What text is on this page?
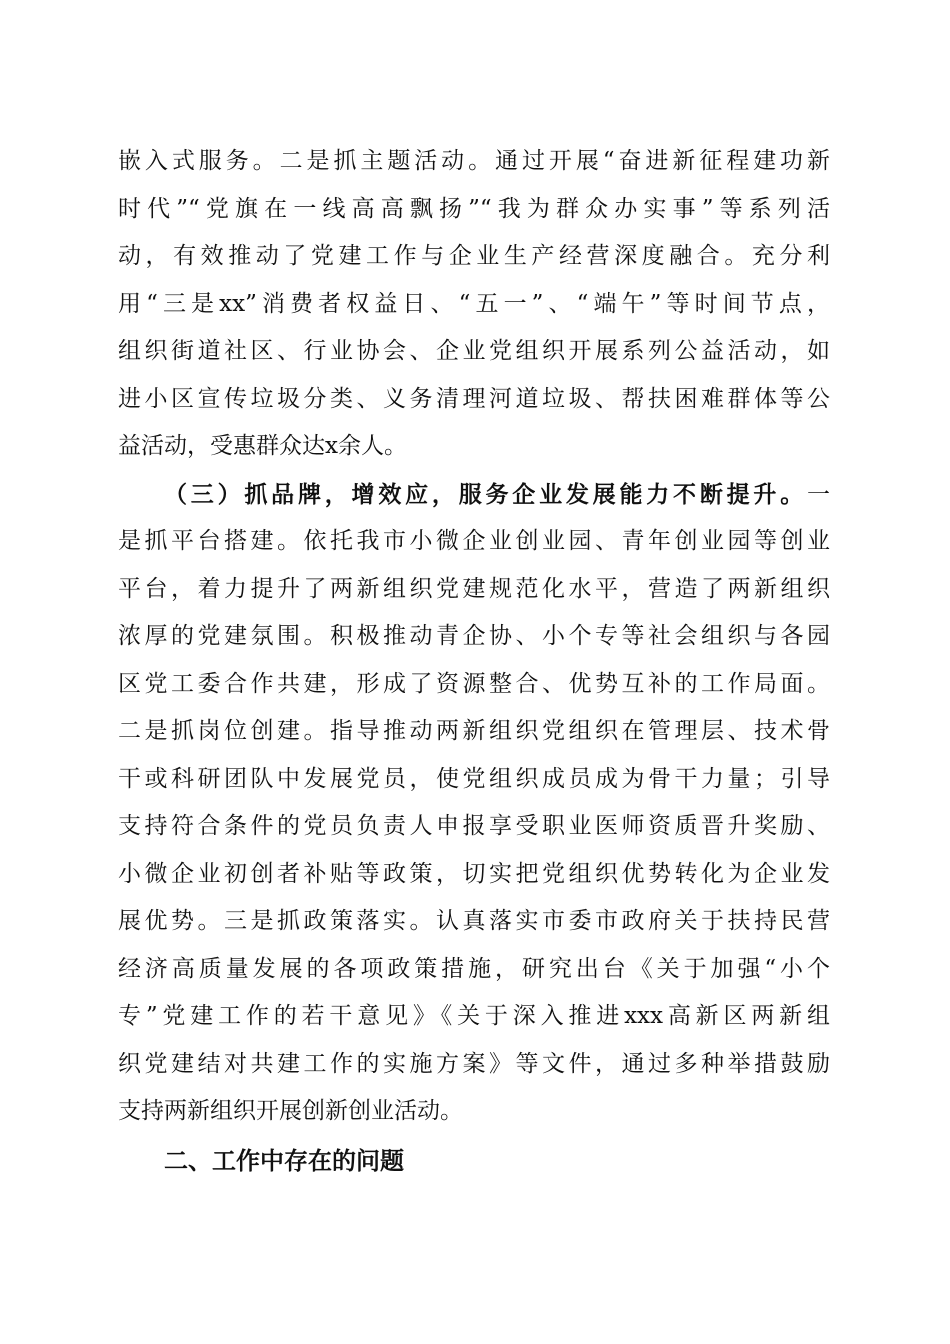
嵌入式服务。二是抓主题活动。通过开展“奋进新征程建功新
时代”“党旗在一线高高飘扬”“我为群众办实事”等系列活
动，有效推动了党建工作与企业生产经营深度融合。充分利
用“三是xx”消费者权益日、“五一”、“端午”等时间节点，
组织街道社区、行业协会、企业党组织开展系列公益活动，如
进小区宣传垃圾分类、义务清理河道垃圾、帮扶困难群体等公
益活动，受惠群众达x余人。
（三）抓品牌，增效应，服务企业发展能力不断提升。一
是抓平台搭建。依托我市小微企业创业园、青年创业园等创业
平台，着力提升了两新组织党建规范化水平，营造了两新组织
浓厚的党建氛围。积极推动青企协、小个专等社会组织与各园
区党工委合作共建，形成了资源整合、优势互补的工作局面。
二是抓岗位创建。指导推动两新组织党组织在管理层、技术骨
干或科研团队中发展党员，使党组织成员成为骨干力量；引导
支持符合条件的党员负责人申报享受职业医师资质晋升奖励、
小微企业初创者补贴等政策，切实把党组织优势转化为企业发
展优势。三是抓政策落实。认真落实市委市政府关于扶持民营
经济高质量发展的各项政策措施，研究出台《关于加强“小个
专”党建工作的若干意见》《关于深入推进xxx高新区两新组
织党建结对共建工作的实施方案》等文件，通过多种举措鼓励
支持两新组织开展创新创业活动。
二、工作中存在的问题
